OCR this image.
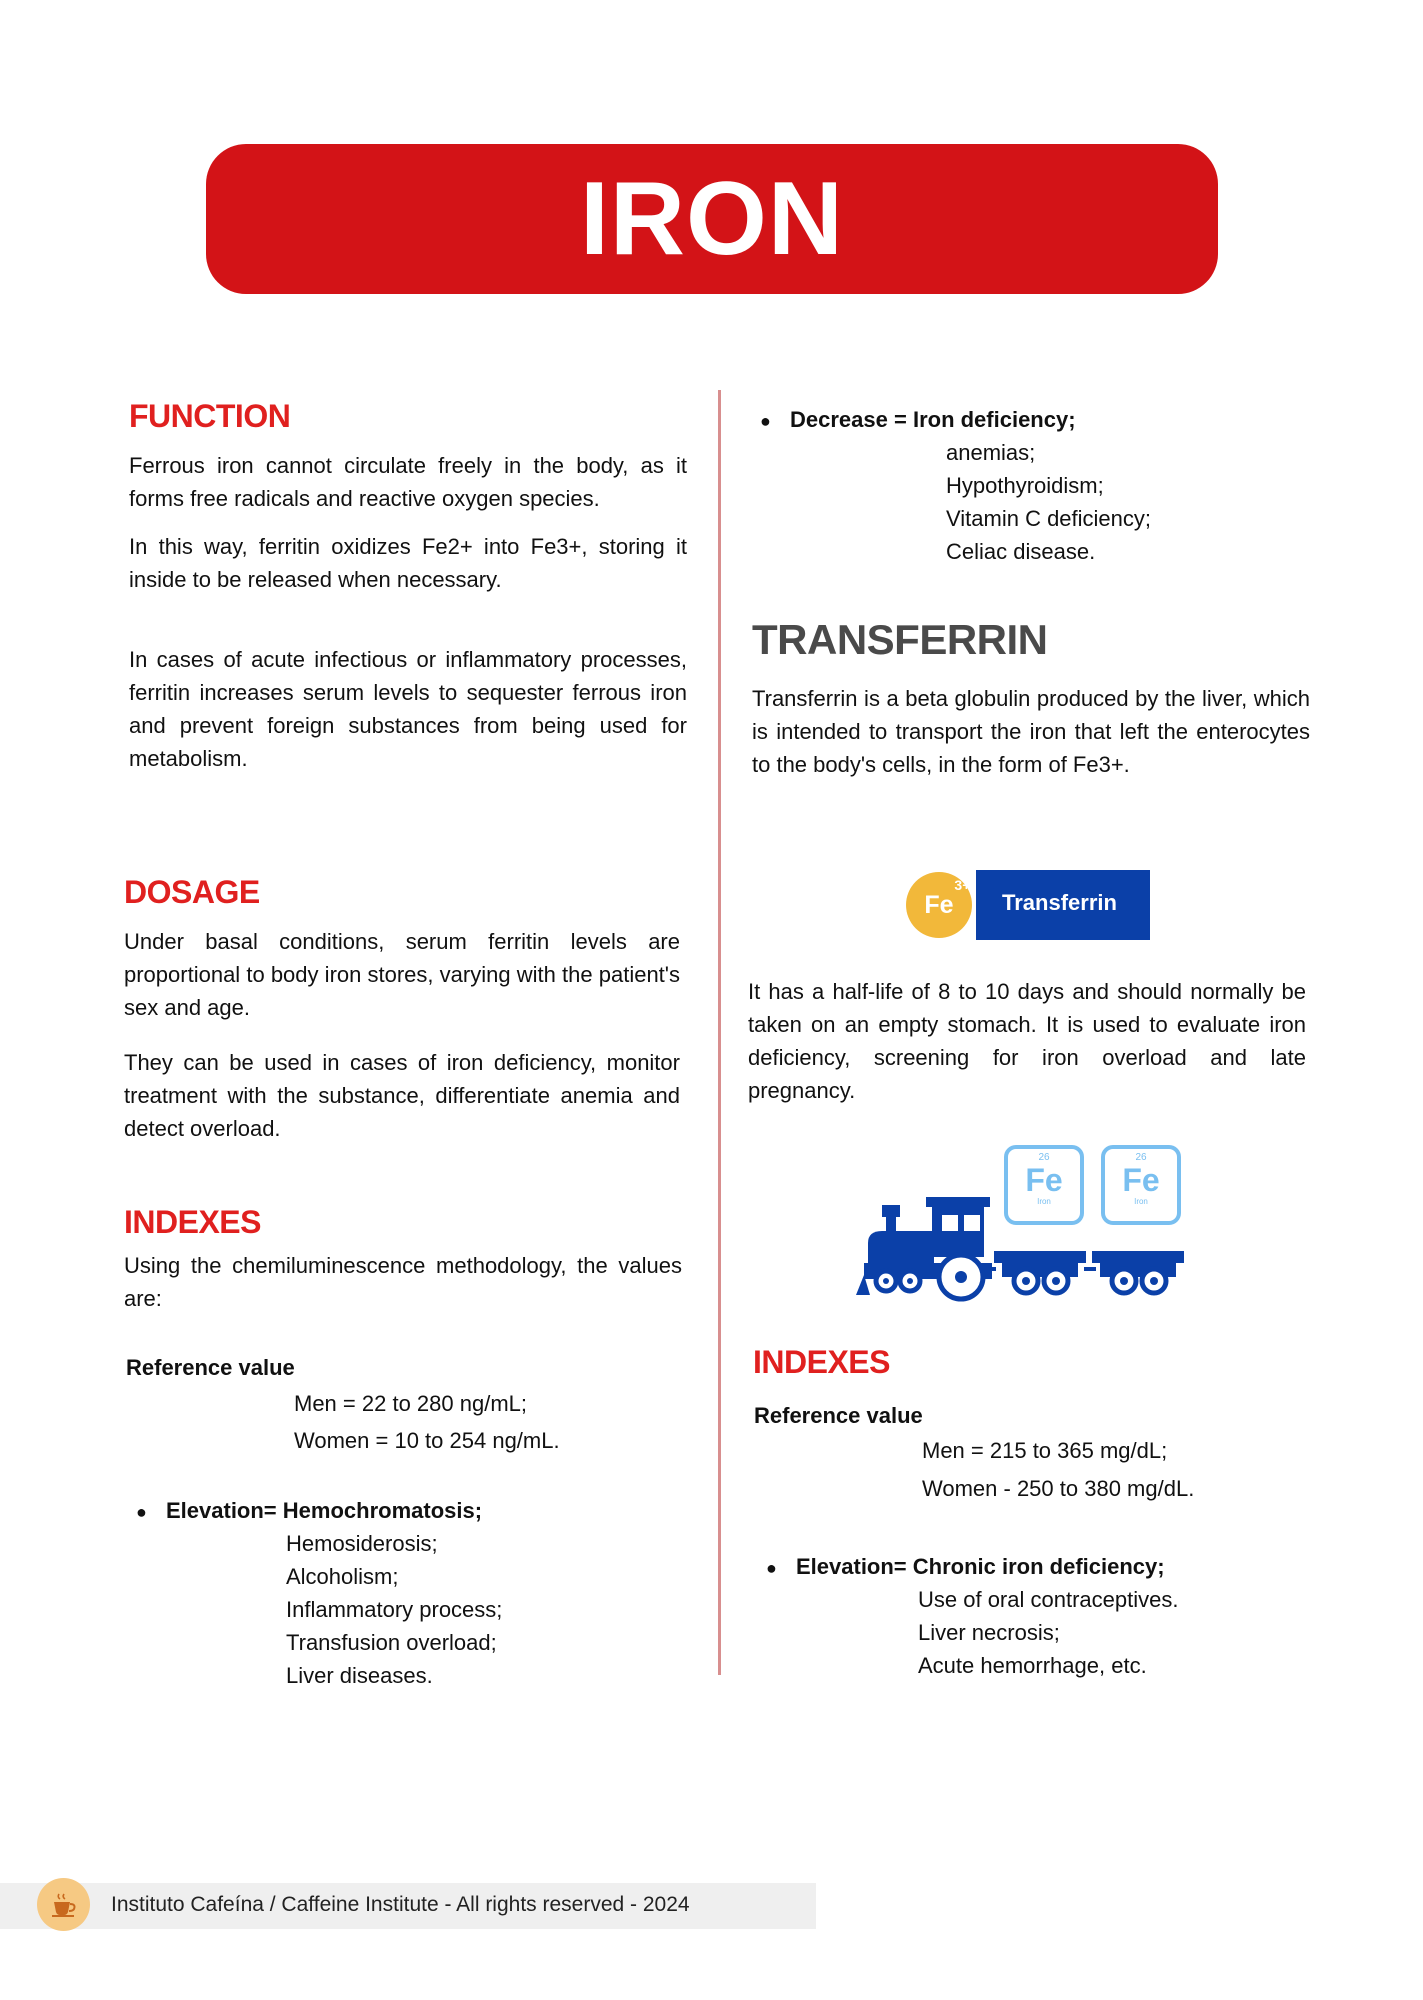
IRON
FUNCTION

Ferrous iron cannot circulate freely in the body, as it forms free radicals and reactive oxygen species.

In this way, ferritin oxidizes Fe2+ into Fe3+, storing it inside to be released when necessary.

In cases of acute infectious or inflammatory processes, ferritin increases serum levels to sequester ferrous iron and prevent foreign substances from being used for metabolism.

DOSAGE

Under basal conditions, serum ferritin levels are proportional to body iron stores, varying with the patient's sex and age.

They can be used in cases of iron deficiency, monitor treatment with the substance, differentiate anemia and detect overload.

INDEXES

Using the chemiluminescence methodology, the values are:

Reference value
Men = 22 to 280 ng/mL;
Women = 10 to 254 ng/mL.
● Elevation= Hemochromatosis;
Hemosiderosis;
Alcoholism;
Inflammatory process;
Transfusion overload;
Liver diseases.
● Decrease = Iron deficiency;
anemias;
Hypothyroidism;
Vitamin C deficiency;
Celiac disease.
TRANSFERRIN

Transferrin is a beta globulin produced by the liver, which is intended to transport the iron that left the enterocytes to the body's cells, in the form of Fe3+.

Fe
3+
Transferrin

It has a half-life of 8 to 10 days and should normally be taken on an empty stomach. It is used to evaluate iron deficiency, screening for iron overload and late pregnancy.

26
Fe
Iron
26
Fe
Iron
INDEXES
Reference value
Men = 215 to 365 mg/dL;
Women - 250 to 380 mg/dL.
● Elevation= Chronic iron deficiency;
Use of oral contraceptives.
Liver necrosis;
Acute hemorrhage, etc.
Instituto Cafeína / Caffeine Institute - All rights reserved - 2024
